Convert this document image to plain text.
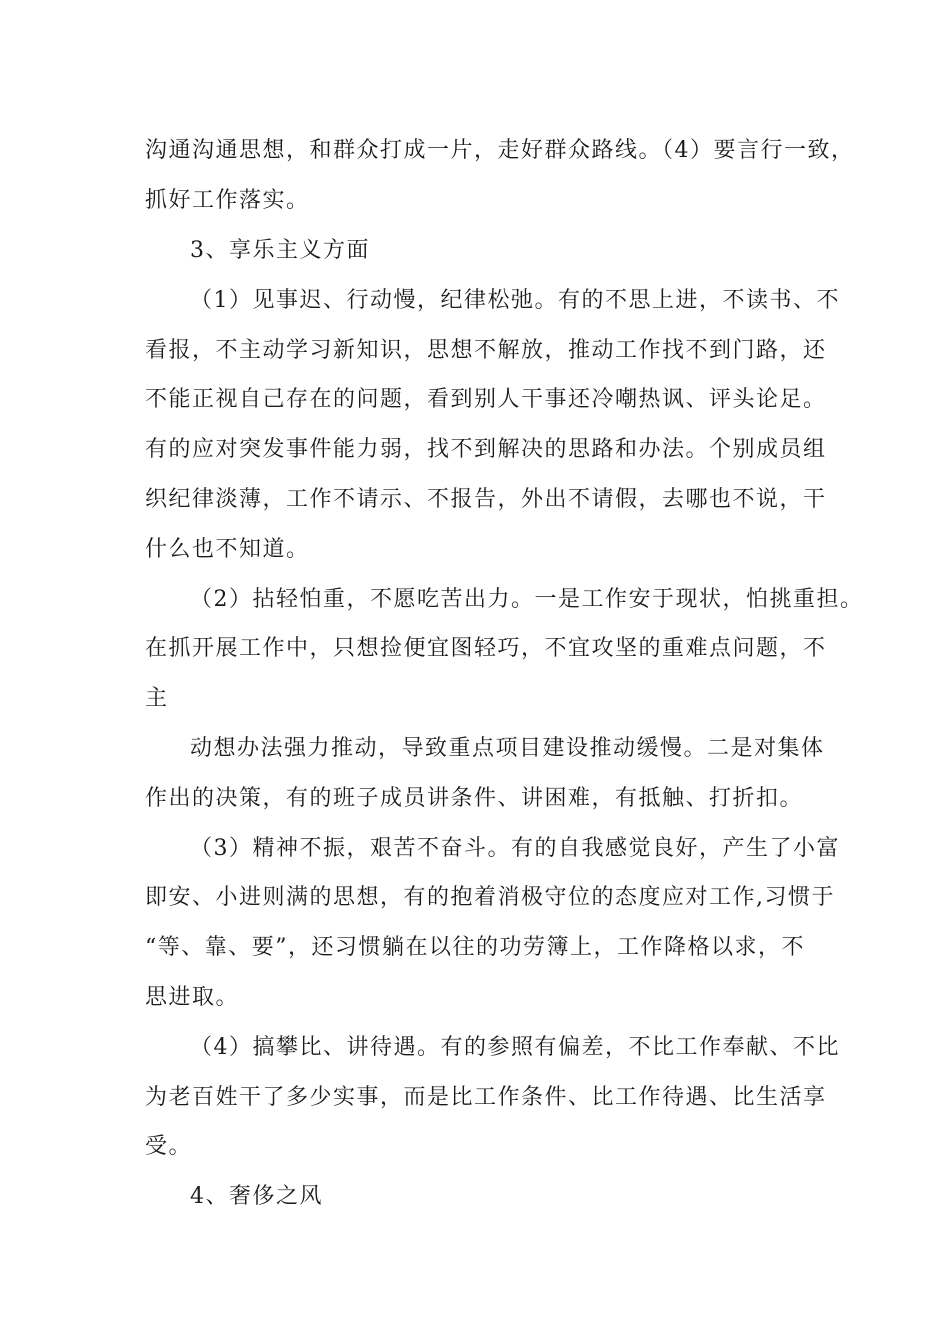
沟通沟通思想，和群众打成一片，走好群众路线。（4）要言行一致，
抓好工作落实。
3、享乐主义方面
（1）见事迟、行动慢，纪律松弛。有的不思上进，不读书、不
看报，不主动学习新知识，思想不解放，推动工作找不到门路，还
不能正视自己存在的问题，看到别人干事还冷嘲热讽、评头论足。
有的应对突发事件能力弱，找不到解决的思路和办法。个别成员组
织纪律淡薄，工作不请示、不报告，外出不请假，去哪也不说，干
什么也不知道。
（2）拈轻怕重，不愿吃苦出力。一是工作安于现状，怕挑重担。
在抓开展工作中，只想捡便宜图轻巧，不宜攻坚的重难点问题，不
主
动想办法强力推动，导致重点项目建设推动缓慢。二是对集体
作出的决策，有的班子成员讲条件、讲困难，有抵触、打折扣。
（3）精神不振，艰苦不奋斗。有的自我感觉良好，产生了小富
即安、小进则满的思想，有的抱着消极守位的态度应对工作,习惯于
“等、靠、要”，还习惯躺在以往的功劳簿上，工作降格以求，不
思进取。
（4）搞攀比、讲待遇。有的参照有偏差，不比工作奉献、不比
为老百姓干了多少实事，而是比工作条件、比工作待遇、比生活享
受。
4、奢侈之风
